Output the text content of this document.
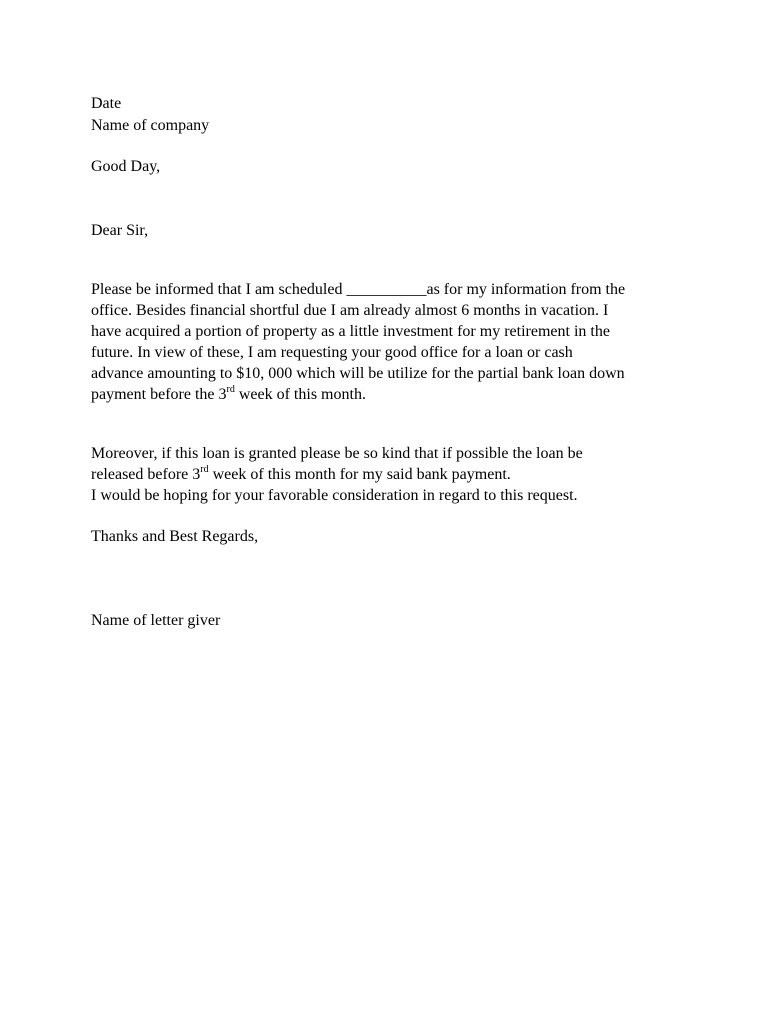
Date
Name of company
Good Day,
Dear Sir,
Please be informed that I am scheduled __________as for my information from the
office. Besides financial shortful due I am already almost 6 months in vacation. I
have acquired a portion of property as a little investment for my retirement in the
future. In view of these, I am requesting your good office for a loan or cash
advance amounting to $10, 000 which will be utilize for the partial bank loan down
payment before the 3rd week of this month.
Moreover, if this loan is granted please be so kind that if possible the loan be
released before 3rd week of this month for my said bank payment.
I would be hoping for your favorable consideration in regard to this request.
Thanks and Best Regards,
Name of letter giver
